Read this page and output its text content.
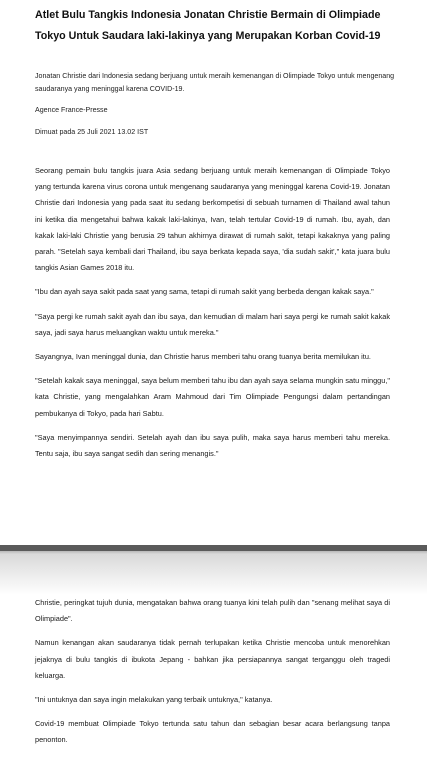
Atlet Bulu Tangkis Indonesia Jonatan Christie Bermain di Olimpiade Tokyo Untuk Saudara laki-lakinya yang Merupakan Korban Covid-19

Jonatan Christie dari Indonesia sedang berjuang untuk meraih kemenangan di Olimpiade Tokyo untuk mengenang saudaranya yang meninggal karena COVID-19.

Agence France-Presse

Dimuat pada 25 Juli 2021 13.02 IST

Seorang pemain bulu tangkis juara Asia sedang berjuang untuk meraih kemenangan di Olimpiade Tokyo yang tertunda karena virus corona untuk mengenang saudaranya yang meninggal karena Covid-19. Jonatan Christie dari Indonesia yang pada saat itu sedang berkompetisi di sebuah turnamen di Thailand awal tahun ini ketika dia mengetahui bahwa kakak laki-lakinya, Ivan, telah tertular Covid-19 di rumah. Ibu, ayah, dan kakak laki-laki Christie yang berusia 29 tahun akhirnya dirawat di rumah sakit, tetapi kakaknya yang paling parah. "Setelah saya kembali dari Thailand, ibu saya berkata kepada saya, 'dia sudah sakit'," kata juara bulu tangkis Asian Games 2018 itu.

"Ibu dan ayah saya sakit pada saat yang sama, tetapi di rumah sakit yang berbeda dengan kakak saya."

"Saya pergi ke rumah sakit ayah dan ibu saya, dan kemudian di malam hari saya pergi ke rumah sakit kakak saya, jadi saya harus meluangkan waktu untuk mereka."

Sayangnya, Ivan meninggal dunia, dan Christie harus memberi tahu orang tuanya berita memilukan itu.

"Setelah kakak saya meninggal, saya belum memberi tahu ibu dan ayah saya selama mungkin satu minggu," kata Christie, yang mengalahkan Aram Mahmoud dari Tim Olimpiade Pengungsi dalam pertandingan pembukanya di Tokyo, pada hari Sabtu.

"Saya menyimpannya sendiri. Setelah ayah dan ibu saya pulih, maka saya harus memberi tahu mereka. Tentu saja, ibu saya sangat sedih dan sering menangis."

Christie, peringkat tujuh dunia, mengatakan bahwa orang tuanya kini telah pulih dan "senang melihat saya di Olimpiade".

Namun kenangan akan saudaranya tidak pernah terlupakan ketika Christie mencoba untuk menorehkan jejaknya di bulu tangkis di ibukota Jepang - bahkan jika persiapannya sangat terganggu oleh tragedi keluarga.

"Ini untuknya dan saya ingin melakukan yang terbaik untuknya," katanya.

Covid-19 membuat Olimpiade Tokyo tertunda satu tahun dan sebagian besar acara berlangsung tanpa penonton.
